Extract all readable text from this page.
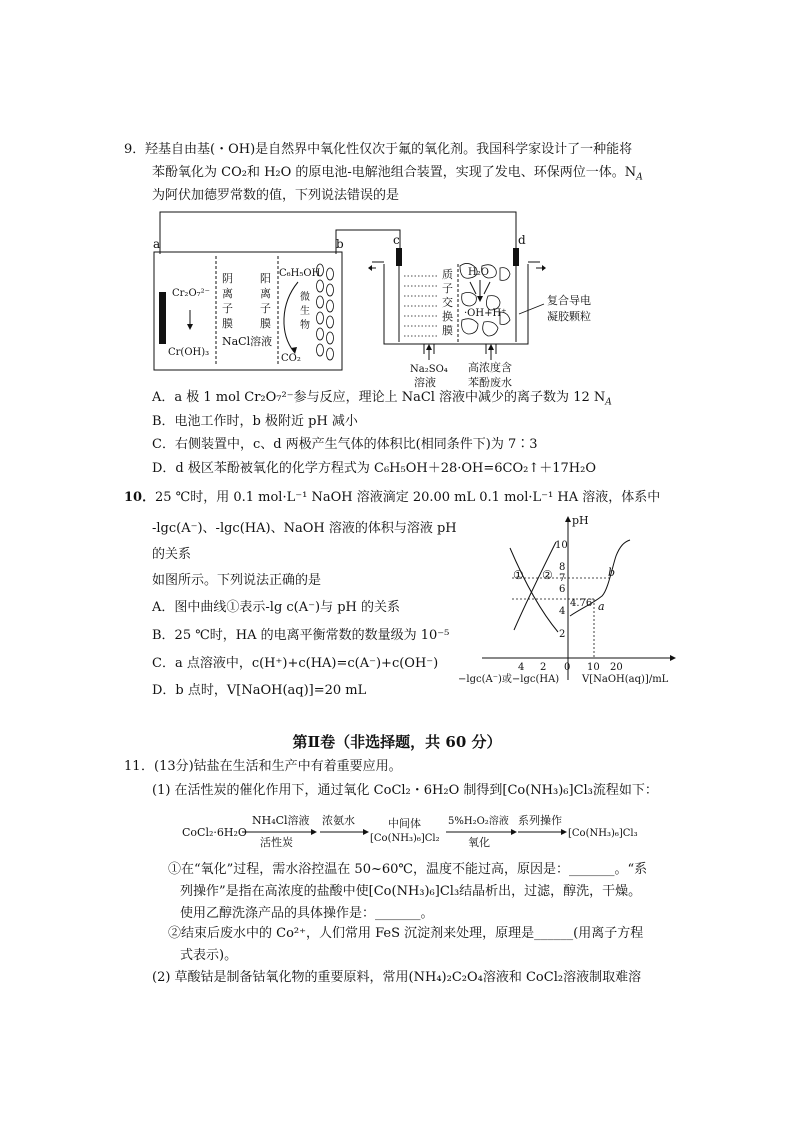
9． 羟基自由基(・OH)是自然界中氧化性仅次于氟的氧化剂。我国科学家设计了一种能将
苯酚氧化为 CO₂和 H₂O 的原电池-电解池组合装置，实现了发电、环保两位一体。$N_A$
为阿伏加德罗常数的值，下列说法错误的是
a
Cr₂O₇²⁻
Cr(OH)₃
阴
离
子
膜
阳
离
子
膜
NaCl溶液
C₆H₅OH
微
生
物
CO₂
b	c	d
质
子
交
换
膜
H₂O
·OH+H⁺
复合导电
凝胶颗粒
Na₂SO₄
溶液
高浓度含
苯酚废水
A．a 极 1 mol Cr₂O₇²⁻参与反应，理论上 NaCl 溶液中减少的离子数为 12 $N_A$
B．电池工作时，b 极附近 pH 减小
C．右侧装置中，c、d 两极产生气体的体积比(相同条件下)为 7∶3
D．d 极区苯酚被氧化的化学方程式为 C₆H₅OH＋28·OH=6CO₂↑＋17H₂O
10． 25 ℃时，用 0.1 mol·L⁻¹ NaOH 溶液滴定 20.00 mL 0.1 mol·L⁻¹ HA 溶液，体系中
-lgc(A⁻)、-lgc(HA)、NaOH 溶液的体积与溶液 pH
的关系
如图所示。下列说法正确的是
A．图中曲线①表示-lg c(A⁻)与 pH 的关系
B．25 ℃时，HA 的电离平衡常数的数量级为 10⁻⁵
C．a 点溶液中，c(H⁺)+c(HA)=c(A⁻)+c(OH⁻)
D．b 点时，V[NaOH(aq)]=20 mL
pH
10
8
7
6
4.76
4
2
4 2 0 10 20
−lgc(A⁻)或−lgc(HA) V[NaOH(aq)]/mL
① ②
a
b
第Ⅱ卷（非选择题，共 60 分）
11 ．(13分)钴盐在生活和生产中有着重要应用。
(1) 在活性炭的催化作用下，通过氧化 CoCl₂・6H₂O 制得到[Co(NH₃)₆]Cl₃流程如下：
CoCl₂·6H₂O
NH₄Cl溶液
活性炭
浓氨水	中间体
[Co(NH₃)₆]Cl₂
5%H₂O₂溶液
氧化
系列操作
[Co(NH₃)₆]Cl₃
①在“氧化”过程，需水浴控温在 50~60℃，温度不能过高，原因是：_______。“系
列操作”是指在高浓度的盐酸中使[Co(NH₃)₆]Cl₃结晶析出，过滤，醇洗，干燥。
使用乙醇洗涤产品的具体操作是：_______。
②结束后废水中的 Co²⁺，人们常用 FeS 沉淀剂来处理，原理是______(用离子方程
式表示)。
(2) 草酸钴是制备钴氧化物的重要原料，常用(NH₄)₂C₂O₄溶液和 CoCl₂溶液制取难溶
